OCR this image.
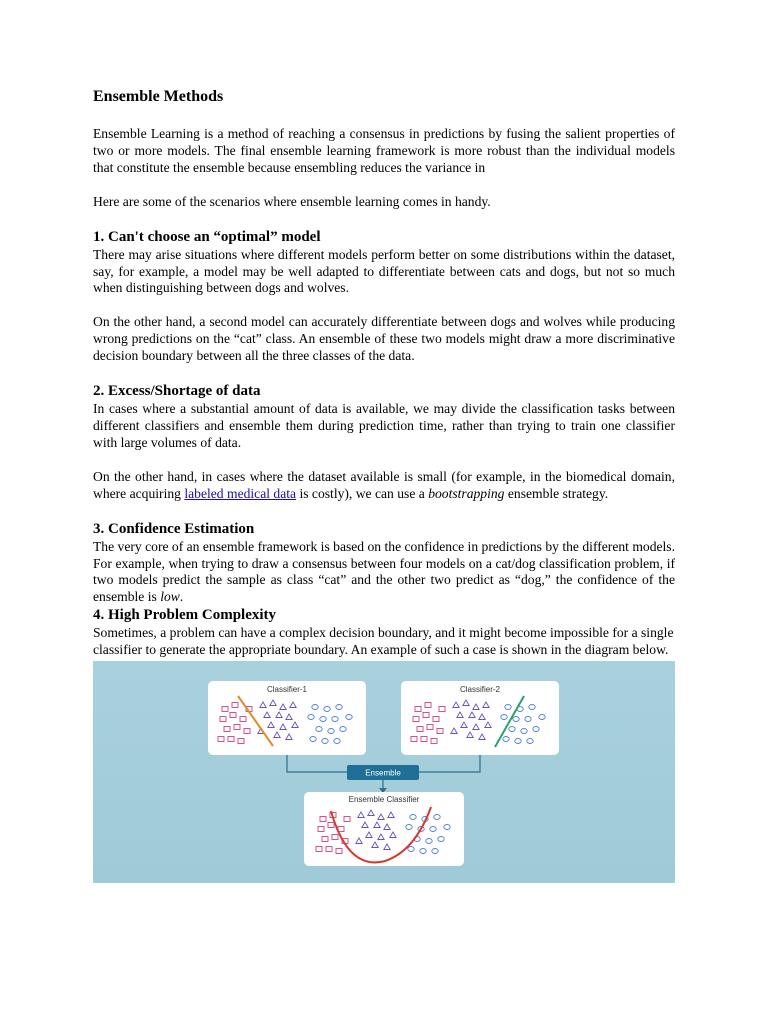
Ensemble Methods

Ensemble Learning is a method of reaching a consensus in predictions by fusing the salient properties of two or more models. The final ensemble learning framework is more robust than the individual models that constitute the ensemble because ensembling reduces the variance in

Here are some of the scenarios where ensemble learning comes in handy.

1. Can't choose an “optimal” model

There may arise situations where different models perform better on some distributions within the dataset, say, for example, a model may be well adapted to differentiate between cats and dogs, but not so much when distinguishing between dogs and wolves.

On the other hand, a second model can accurately differentiate between dogs and wolves while producing wrong predictions on the “cat” class. An ensemble of these two models might draw a more discriminative decision boundary between all the three classes of the data.

2. Excess/Shortage of data

In cases where a substantial amount of data is available, we may divide the classification tasks between different classifiers and ensemble them during prediction time, rather than trying to train one classifier with large volumes of data.

On the other hand, in cases where the dataset available is small (for example, in the biomedical domain, where acquiring labeled medical data is costly), we can use a bootstrapping ensemble strategy.

3. Confidence Estimation

The very core of an ensemble framework is based on the confidence in predictions by the different models. For example, when trying to draw a consensus between four models on a cat/dog classification problem, if two models predict the sample as class “cat” and the other two predict as “dog,” the confidence of the ensemble is low.

4. High Problem Complexity

Sometimes, a problem can have a complex decision boundary, and it might become impossible for a single classifier to generate the appropriate boundary. An example of such a case is shown in the diagram below.

Classifier-1	Classifier-2
Ensemble
Ensemble Classifier
